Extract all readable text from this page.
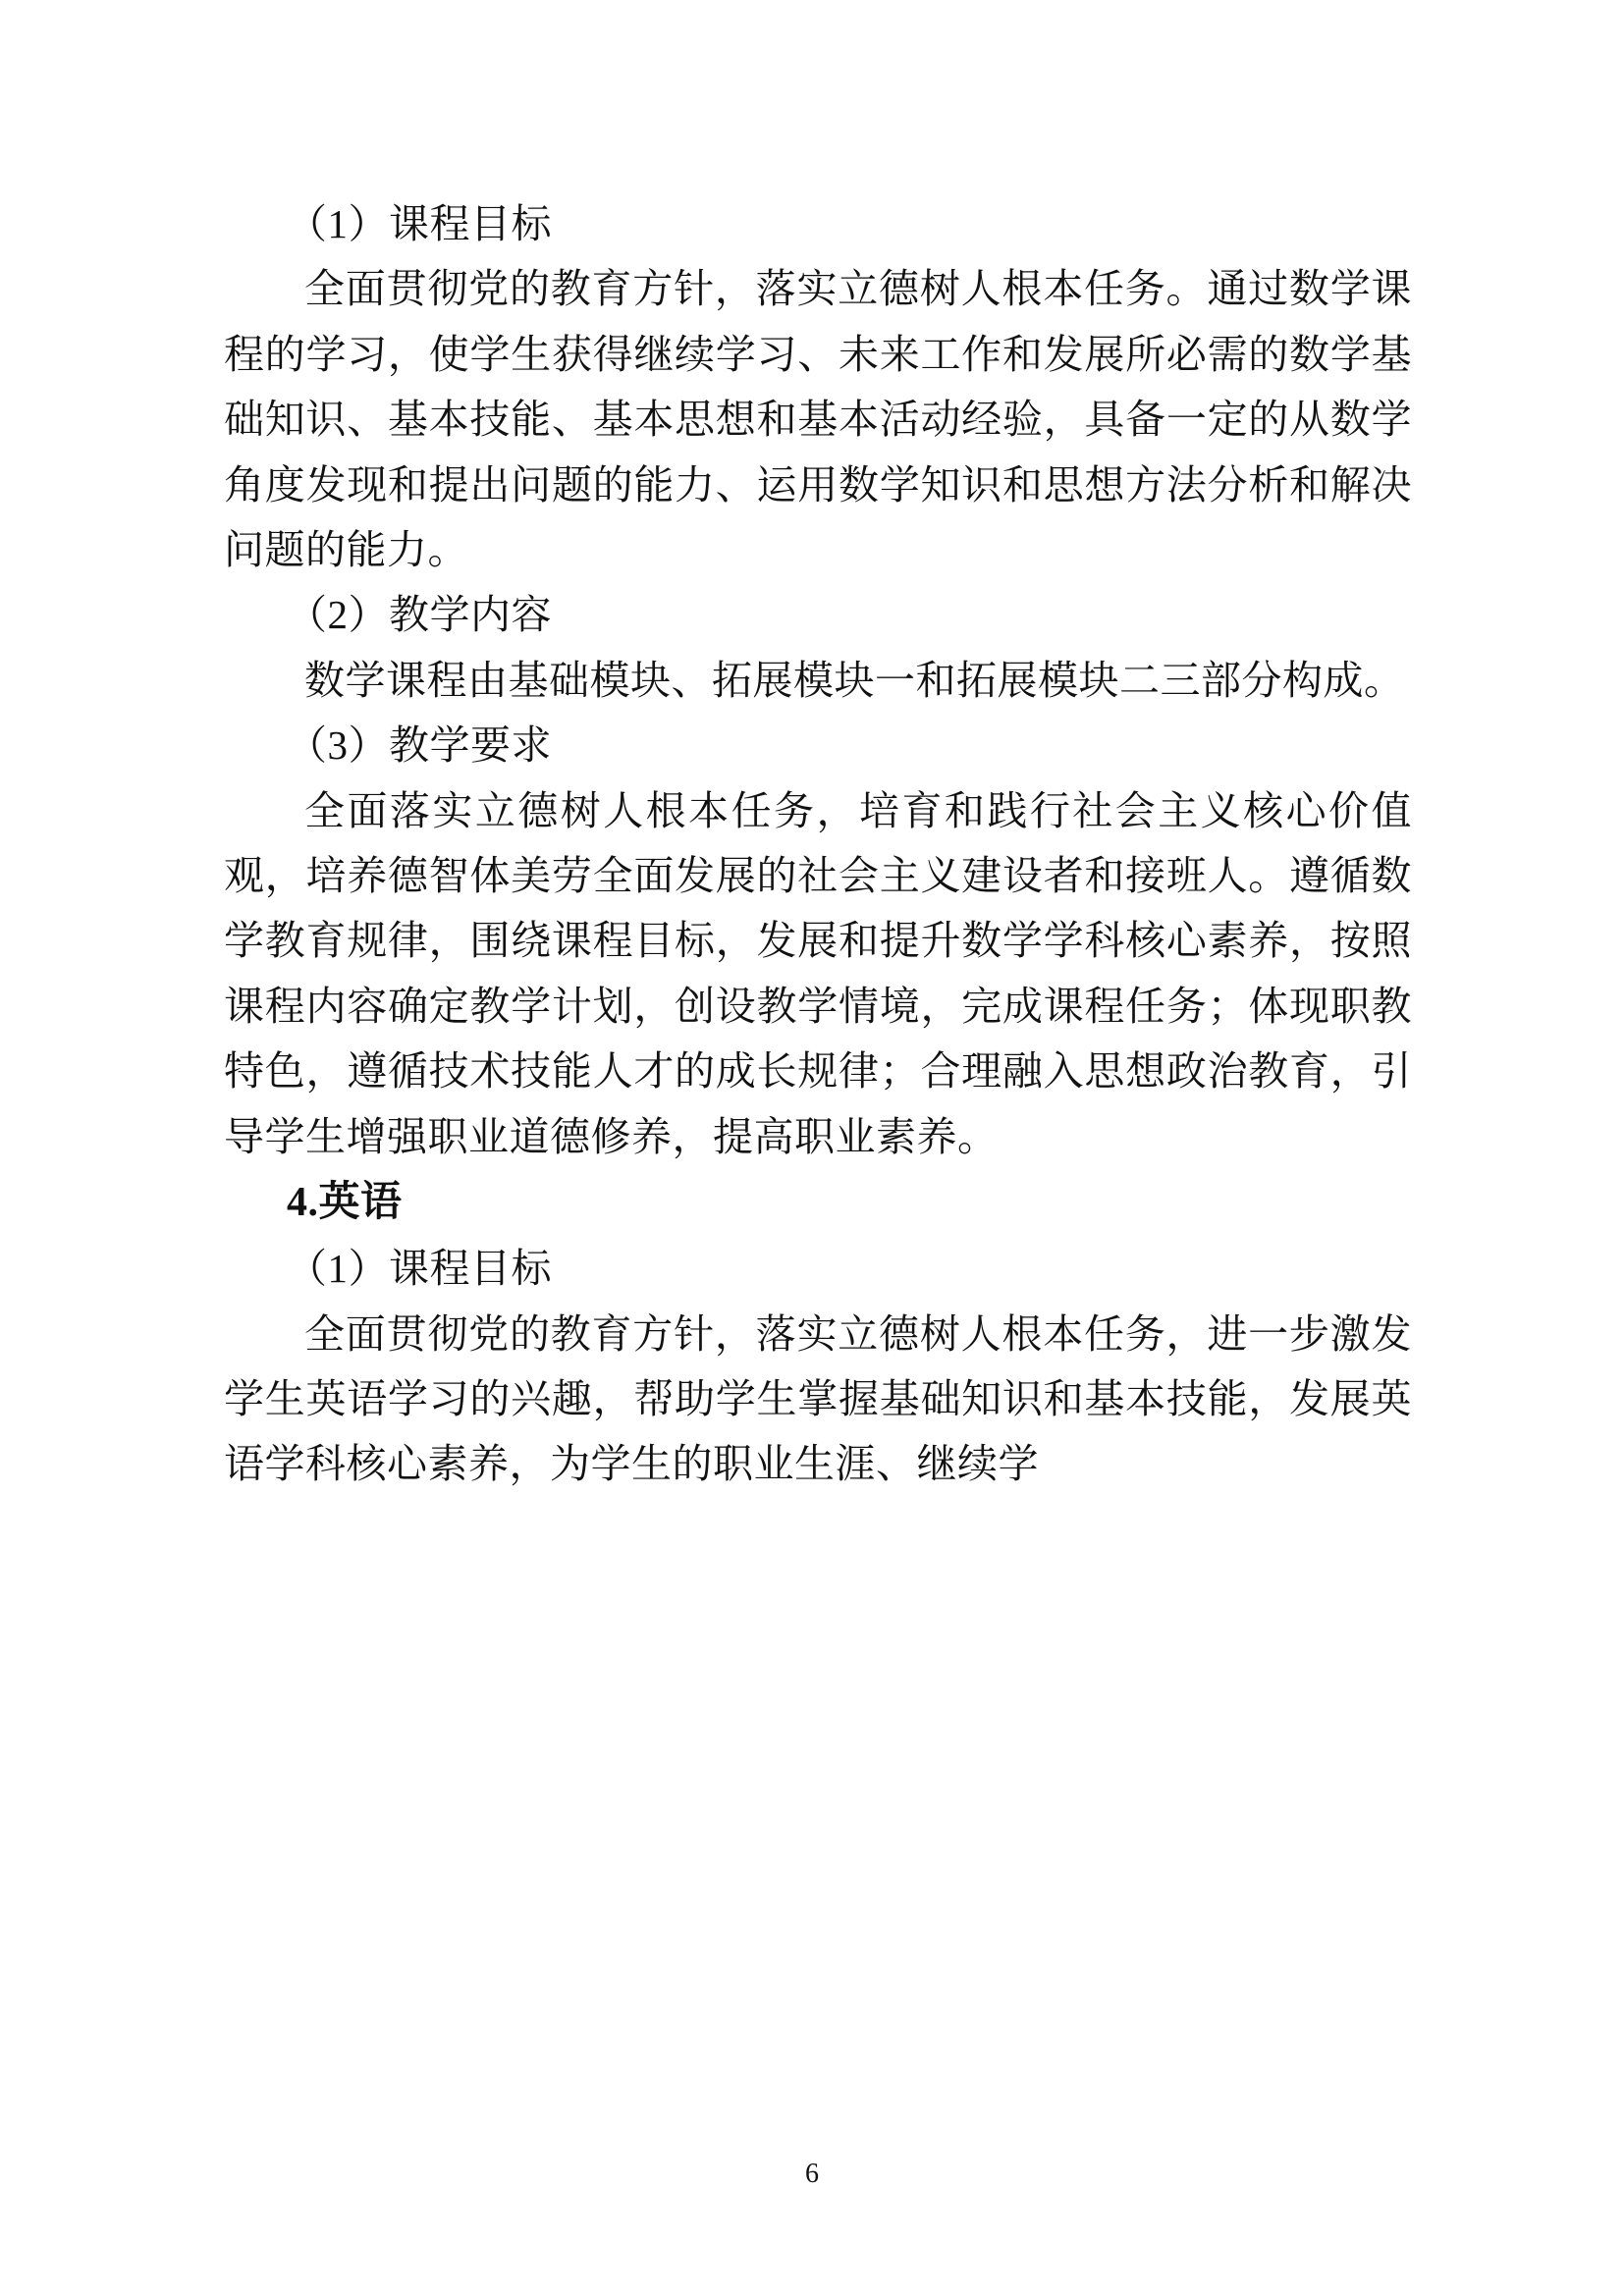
（1）课程目标

全面贯彻党的教育方针，落实立德树人根本任务。通过数学课程的学习，使学生获得继续学习、未来工作和发展所必需的数学基础知识、基本技能、基本思想和基本活动经验，具备一定的从数学角度发现和提出问题的能力、运用数学知识和思想方法分析和解决问题的能力。

（2）教学内容

数学课程由基础模块、拓展模块一和拓展模块二三部分构成。

（3）教学要求

全面落实立德树人根本任务，培育和践行社会主义核心价值观，培养德智体美劳全面发展的社会主义建设者和接班人。遵循数学教育规律，围绕课程目标，发展和提升数学学科核心素养，按照课程内容确定教学计划，创设教学情境，完成课程任务；体现职教特色，遵循技术技能人才的成长规律；合理融入思想政治教育，引导学生增强职业道德修养，提高职业素养。

4.英语

（1）课程目标

全面贯彻党的教育方针，落实立德树人根本任务，进一步激发学生英语学习的兴趣，帮助学生掌握基础知识和基本技能，发展英语学科核心素养，为学生的职业生涯、继续学

6
